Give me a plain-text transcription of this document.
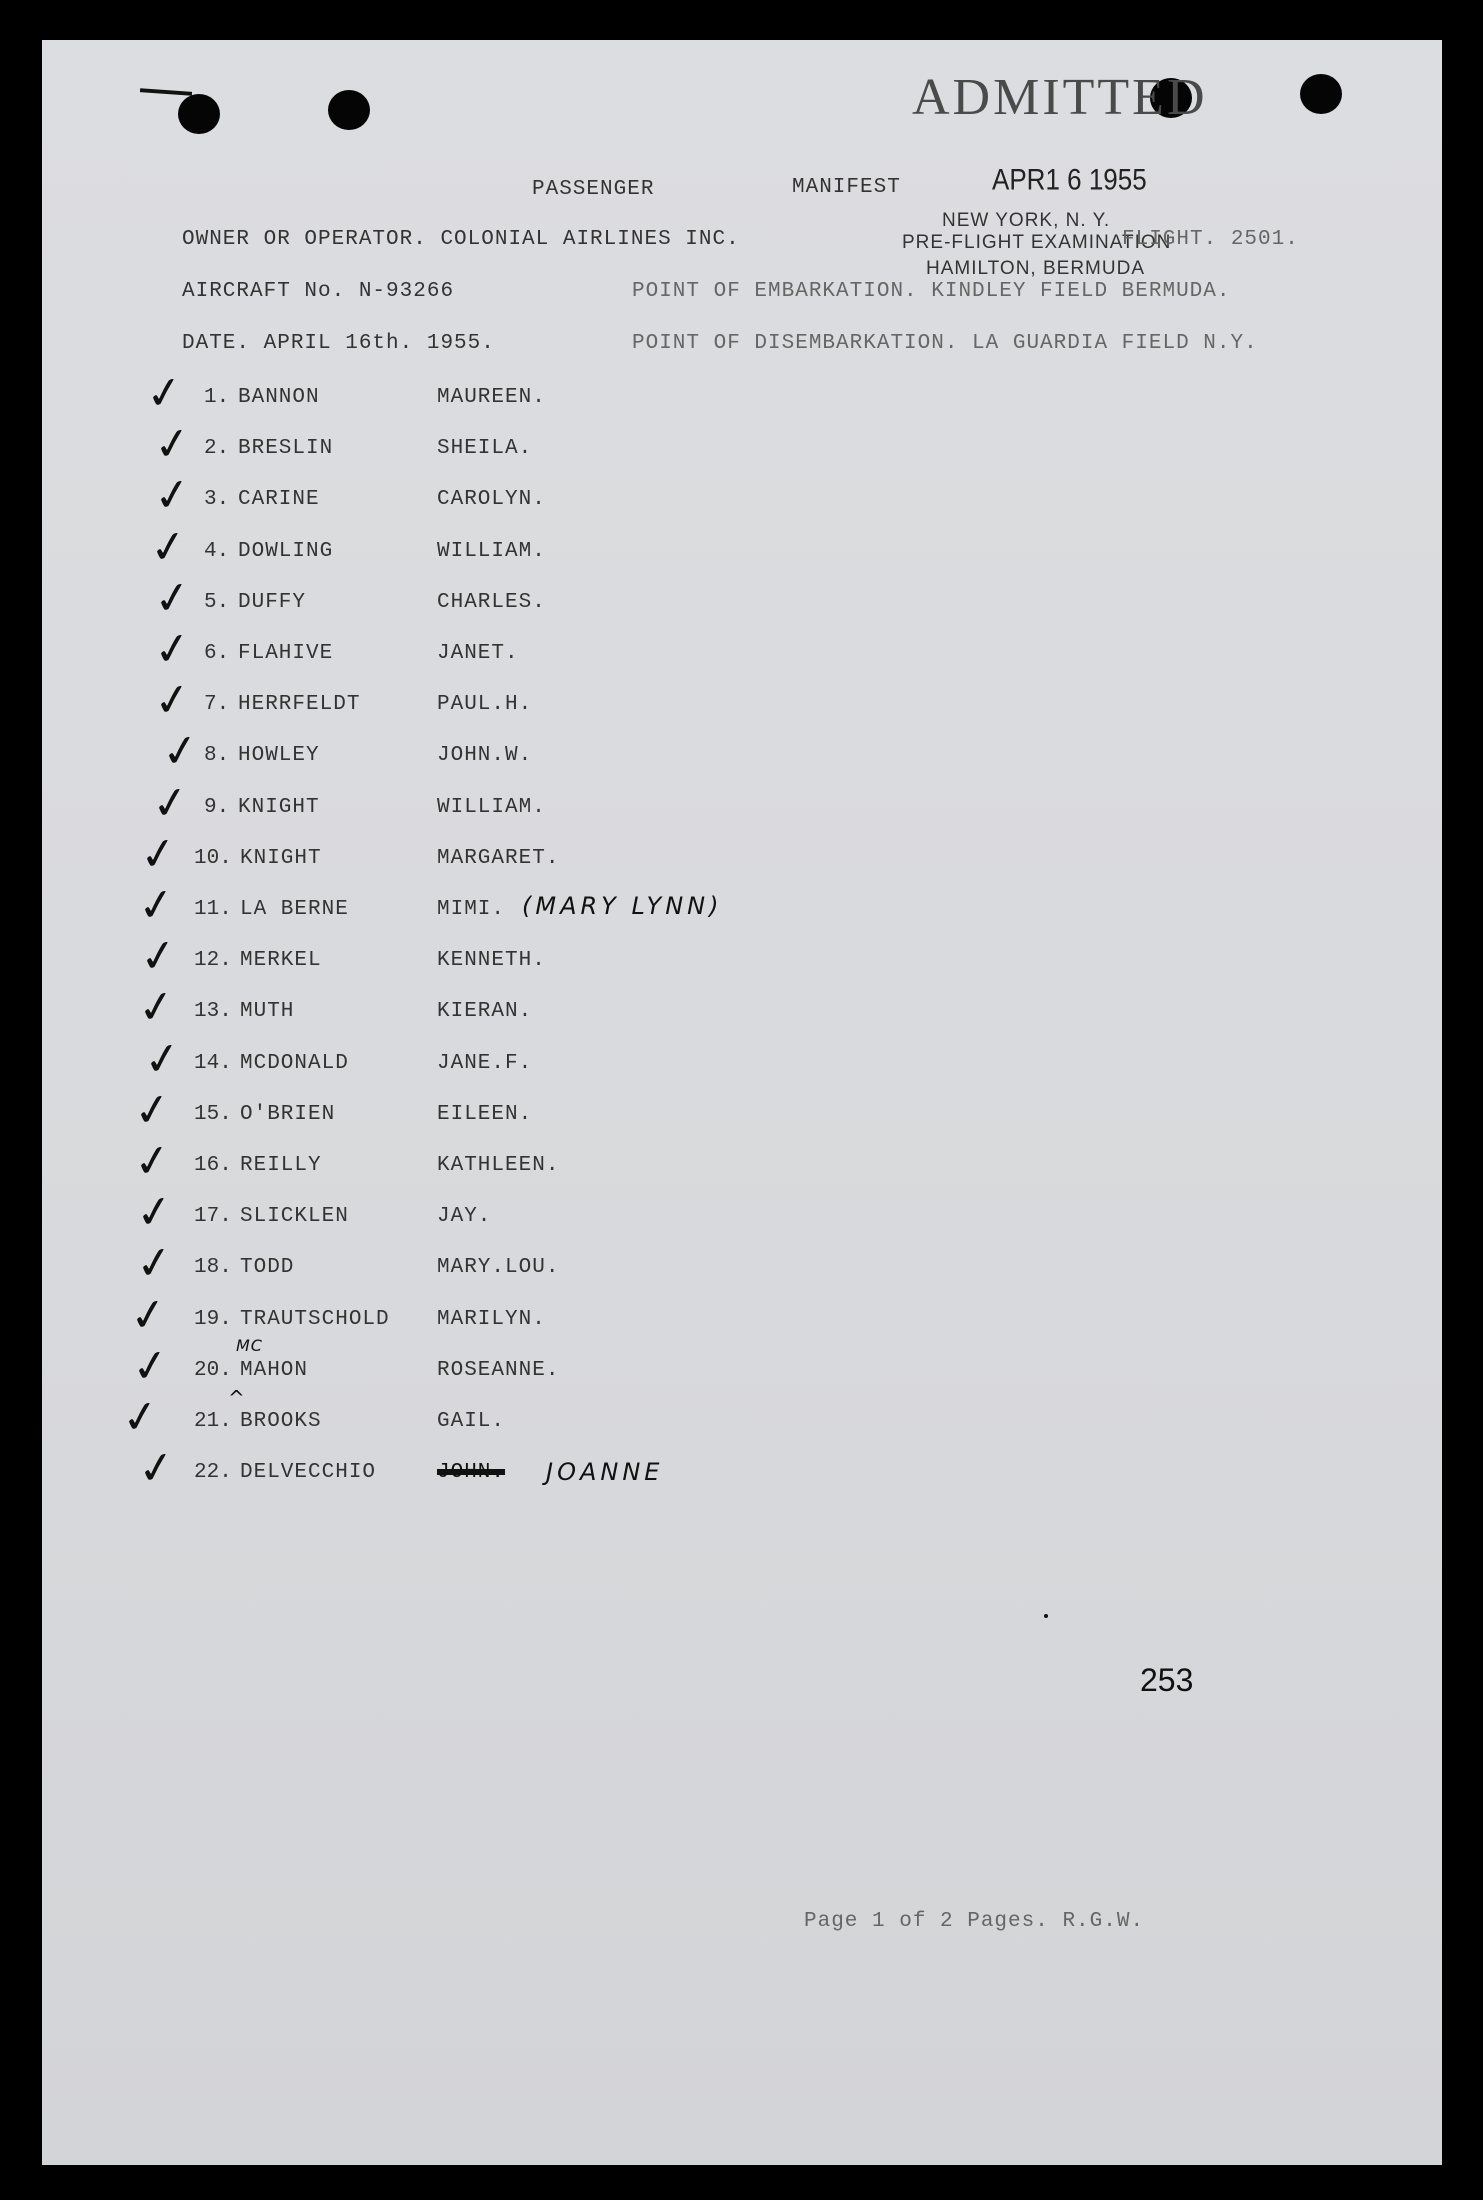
ADMITTED
APR1 6 1955
NEW YORK, N. Y.
PRE-FLIGHT EXAMINATION
HAMILTON, BERMUDA
PASSENGER	MANIFEST
OWNER OR OPERATOR. COLONIAL AIRLINES INC.	FLIGHT. 2501.
AIRCRAFT No. N-93266	POINT OF EMBARKATION. KINDLEY FIELD BERMUDA.
DATE. APRIL 16th. 1955.	POINT OF DISEMBARKATION. LA GUARDIA FIELD N.Y.
✓ 1. BANNON	MAUREEN.
✓ 2. BRESLIN	SHEILA.
✓ 3. CARINE	CAROLYN.
✓ 4. DOWLING	WILLIAM.
✓ 5. DUFFY	CHARLES.
✓ 6. FLAHIVE	JANET.
✓ 7. HERRFELDT	PAUL.H.
✓ 8. HOWLEY	JOHN.W.
✓ 9. KNIGHT	WILLIAM.
✓ 10. KNIGHT	MARGARET.
✓ 11. LA BERNE	MIMI.
✓ 12. MERKEL	KENNETH.
✓ 13. MUTH	KIERAN.
✓ 14. MCDONALD	JANE.F.
✓ 15. O'BRIEN	EILEEN.
✓ 16. REILLY	KATHLEEN.
✓ 17. SLICKLEN	JAY.
✓ 18. TODD	MARY.LOU.
✓ 19. TRAUTSCHOLD MARILYN.
✓ 20. MAHON	ROSEANNE.
✓ 21. BROOKS	GAIL.
✓ 22. DELVECCHIO	JOHN.
(MARY LYNN)
MC
^
JOANNE
253
Page 1 of 2 Pages. R.G.W.
